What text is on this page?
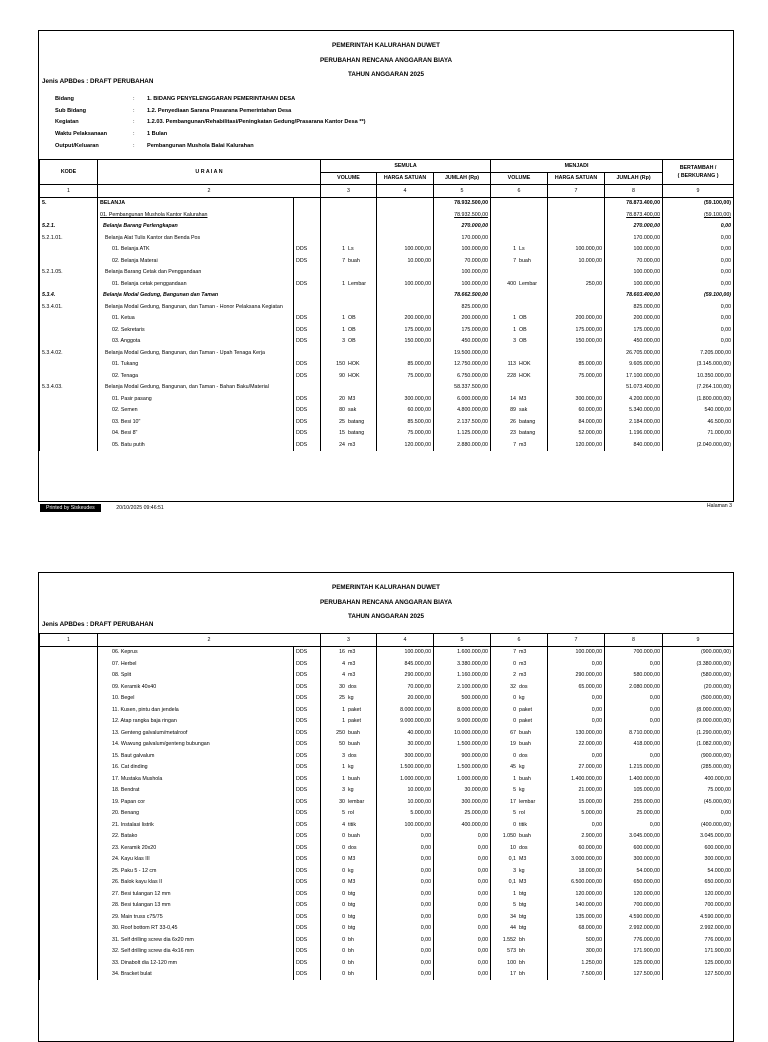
PEMERINTAH KALURAHAN DUWET
PERUBAHAN RENCANA ANGGARAN BIAYA
TAHUN ANGGARAN 2025
Jenis APBDes : DRAFT PERUBAHAN
Bidang	:	1. BIDANG PENYELENGGARAN PEMERINTAHAN DESA
Sub Bidang	:	1.2. Penyediaan Sarana Prasarana Pemerintahan Desa
Kegiatan	:	1.2.03. Pembangunan/Rehabilitasi/Peningkatan Gedung/Prasarana Kantor Desa **)
Waktu Pelaksanaan	:	1 Bulan
Output/Keluaran	:	Pembangunan Mushola Balai Kalurahan
KODE	U R A I A N		SEMULA			MENJADI			BERTAMBAH /
( BERKURANG )
			VOLUME	HARGA SATUAN	JUMLAH (Rp)	VOLUME	HARGA SATUAN	JUMLAH (Rp)	
1	2		3	4	5	6	7	8	9
5.	BELANJA				78.932.500,00			78.873.400,00	(59.100,00)
	01. Pembangunan Mushola Kantor Kalurahan				78.932.500,00			78.873.400,00	(59.100,00)
5.2.1.	Belanja Barang Perlengkapan				270.000,00			270.000,00	0,00
5.2.1.01.	Belanja Alat Tulis Kantor dan Benda Pos				170.000,00			170.000,00	0,00
	01. Belanja ATK	DDS	1 Ls	100.000,00	100.000,00	1 Ls	100.000,00	100.000,00	0,00
	02. Belanja Materai	DDS	7 buah	10.000,00	70.000,00	7 buah	10.000,00	70.000,00	0,00
5.2.1.05.	Belanja Barang Cetak dan Penggandaan				100.000,00			100.000,00	0,00
	01. Belanja cetak penggandaan	DDS	1 Lembar	100.000,00	100.000,00	400 Lembar	250,00	100.000,00	0,00
5.3.4.	Belanja Modal Gedung, Bangunan dan Taman				78.662.500,00			78.603.400,00	(59.100,00)
5.3.4.01.	Belanja Modal Gedung, Bangunan, dan Taman - Honor Pelaksana Kegiatan				825.000,00			825.000,00	0,00
	01. Ketua	DDS	1 OB	200.000,00	200.000,00	1 OB	200.000,00	200.000,00	0,00
	02. Sekretaris	DDS	1 OB	175.000,00	175.000,00	1 OB	175.000,00	175.000,00	0,00
	03. Anggota	DDS	3 OB	150.000,00	450.000,00	3 OB	150.000,00	450.000,00	0,00
5.3.4.02.	Belanja Modal Gedung, Bangunan, dan Taman - Upah Tenaga Kerja				19.500.000,00			26.705.000,00	7.205.000,00
	01. Tukang	DDS	150 HOK	85.000,00	12.750.000,00	113 HOK	85.000,00	9.605.000,00	(3.145.000,00)
	02. Tenaga	DDS	90 HOK	75.000,00	6.750.000,00	228 HOK	75.000,00	17.100.000,00	10.350.000,00
5.3.4.03.	Belanja Modal Gedung, Bangunan, dan Taman - Bahan Baku/Material				58.337.500,00			51.073.400,00	(7.264.100,00)
	01. Pasir pasang	DDS	20 M3	300.000,00	6.000.000,00	14 M3	300.000,00	4.200.000,00	(1.800.000,00)
	02. Semen	DDS	80 sak	60.000,00	4.800.000,00	89 sak	60.000,00	5.340.000,00	540.000,00
	03. Besi 10"	DDS	25 batang	85.500,00	2.137.500,00	26 batang	84.000,00	2.184.000,00	46.500,00
	04. Besi 8"	DDS	15 batang	75.000,00	1.125.000,00	23 batang	52.000,00	1.196.000,00	71.000,00
	05. Batu putih	DDS	24 m3	120.000,00	2.880.000,00	7 m3	120.000,00	840.000,00	(2.040.000,00)
Printed by Siskeudes	20/10/2025 09:46:51	Halaman 3
PEMERINTAH KALURAHAN DUWET
PERUBAHAN RENCANA ANGGARAN BIAYA
TAHUN ANGGARAN 2025
Jenis APBDes : DRAFT PERUBAHAN
1	2		3	4	5	6	7	8	9
	06. Keprus	DDS	16 m3	100.000,00	1.600.000,00	7 m3	100.000,00	700.000,00	(900.000,00)
	07. Herbel	DDS	4 m3	845.000,00	3.380.000,00	0 m3	0,00	0,00	(3.380.000,00)
	08. Split	DDS	4 m3	290.000,00	1.160.000,00	2 m3	290.000,00	580.000,00	(580.000,00)
	09. Keramik 40x40	DDS	30 dos	70.000,00	2.100.000,00	32 dos	65.000,00	2.080.000,00	(20.000,00)
	10. Begel	DDS	25 kg	20.000,00	500.000,00	0 kg	0,00	0,00	(500.000,00)
	11. Kusen, pintu dan jendela	DDS	1 paket	8.000.000,00	8.000.000,00	0 paket	0,00	0,00	(8.000.000,00)
	12. Atap rangka baja ringan	DDS	1 paket	9.000.000,00	9.000.000,00	0 paket	0,00	0,00	(9.000.000,00)
	13. Genteng galvalum/metalroof	DDS	250 buah	40.000,00	10.000.000,00	67 buah	130.000,00	8.710.000,00	(1.290.000,00)
	14. Wuwung galvalum/genteng bubungan	DDS	50 buah	30.000,00	1.500.000,00	19 buah	22.000,00	418.000,00	(1.082.000,00)
	15. Baut galvalum	DDS	3 dos	300.000,00	900.000,00	0 dos	0,00	0,00	(900.000,00)
	16. Cat dinding	DDS	1 kg	1.500.000,00	1.500.000,00	45 kg	27.000,00	1.215.000,00	(285.000,00)
	17. Mustaka Mushola	DDS	1 buah	1.000.000,00	1.000.000,00	1 buah	1.400.000,00	1.400.000,00	400.000,00
	18. Bendrat	DDS	3 kg	10.000,00	30.000,00	5 kg	21.000,00	105.000,00	75.000,00
	19. Papan cor	DDS	30 lembar	10.000,00	300.000,00	17 lembar	15.000,00	255.000,00	(45.000,00)
	20. Benang	DDS	5 rol	5.000,00	25.000,00	5 rol	5.000,00	25.000,00	0,00
	21. Instalasi listrik	DDS	4 titik	100.000,00	400.000,00	0 titik	0,00	0,00	(400.000,00)
	22. Batako	DDS	0 buah	0,00	0,00	1.050 buah	2.900,00	3.045.000,00	3.045.000,00
	23. Keramik 20x20	DDS	0 dos	0,00	0,00	10 dos	60.000,00	600.000,00	600.000,00
	24. Kayu klas III	DDS	0 M3	0,00	0,00	0,1 M3	3.000.000,00	300.000,00	300.000,00
	25. Paku 5 - 12 cm	DDS	0 kg	0,00	0,00	3 kg	18.000,00	54.000,00	54.000,00
	26. Balok kayu klas II	DDS	0 M3	0,00	0,00	0,1 M3	6.500.000,00	650.000,00	650.000,00
	27. Besi tulangan 12 mm	DDS	0 btg	0,00	0,00	1 btg	120.000,00	120.000,00	120.000,00
	28. Besi tulangan 13 mm	DDS	0 btg	0,00	0,00	5 btg	140.000,00	700.000,00	700.000,00
	29. Main truss c75/75	DDS	0 btg	0,00	0,00	34 btg	135.000,00	4.590.000,00	4.590.000,00
	30. Roof bottom RT 33-0,45	DDS	0 btg	0,00	0,00	44 btg	68.000,00	2.992.000,00	2.992.000,00
	31. Self drilling screw dia 6x20 mm	DDS	0 bh	0,00	0,00	1.552 bh	500,00	776.000,00	776.000,00
	32. Self drilling screw dia 4x16 mm	DDS	0 bh	0,00	0,00	573 bh	300,00	171.900,00	171.900,00
	33. Dinabolt dia 12-120 mm	DDS	0 bh	0,00	0,00	100 bh	1.250,00	125.000,00	125.000,00
	34. Bracket bulat	DDS	0 bh	0,00	0,00	17 bh	7.500,00	127.500,00	127.500,00
